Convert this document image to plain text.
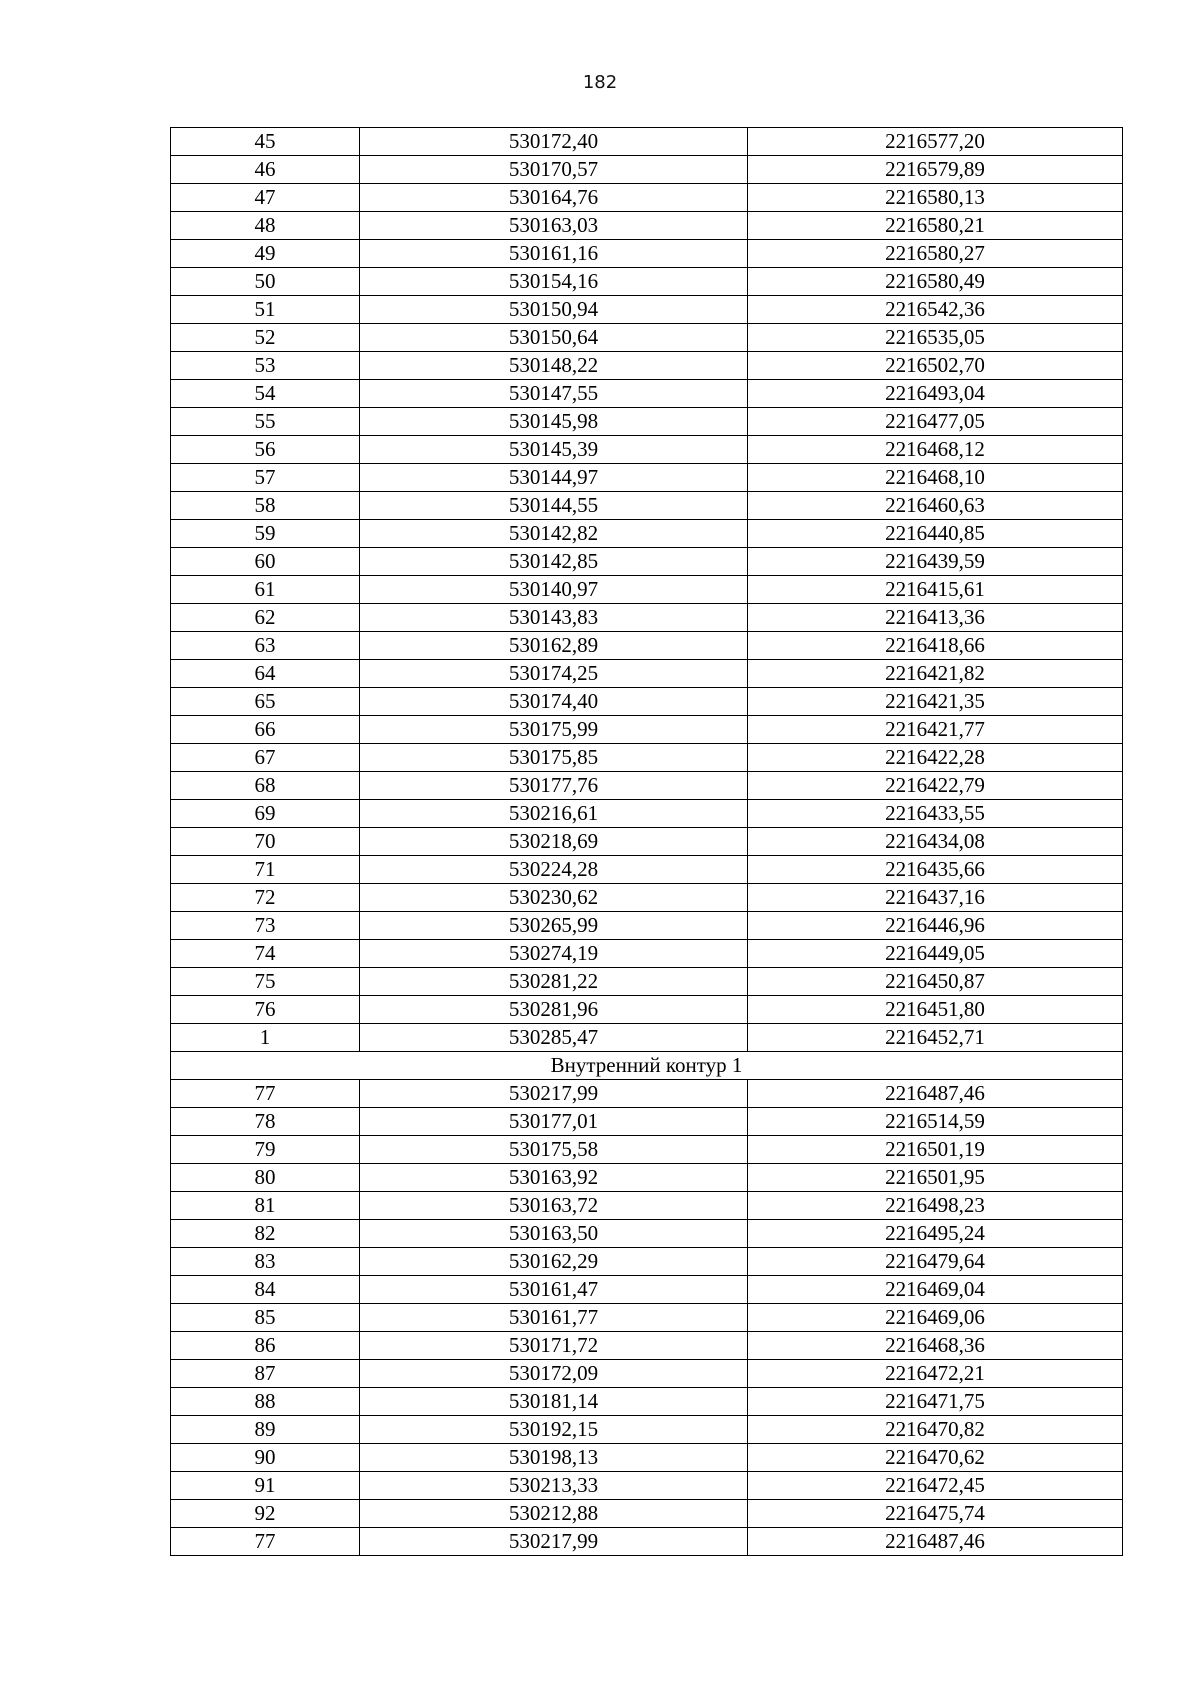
182
45	530172,40	2216577,20
46	530170,57	2216579,89
47	530164,76	2216580,13
48	530163,03	2216580,21
49	530161,16	2216580,27
50	530154,16	2216580,49
51	530150,94	2216542,36
52	530150,64	2216535,05
53	530148,22	2216502,70
54	530147,55	2216493,04
55	530145,98	2216477,05
56	530145,39	2216468,12
57	530144,97	2216468,10
58	530144,55	2216460,63
59	530142,82	2216440,85
60	530142,85	2216439,59
61	530140,97	2216415,61
62	530143,83	2216413,36
63	530162,89	2216418,66
64	530174,25	2216421,82
65	530174,40	2216421,35
66	530175,99	2216421,77
67	530175,85	2216422,28
68	530177,76	2216422,79
69	530216,61	2216433,55
70	530218,69	2216434,08
71	530224,28	2216435,66
72	530230,62	2216437,16
73	530265,99	2216446,96
74	530274,19	2216449,05
75	530281,22	2216450,87
76	530281,96	2216451,80
1	530285,47	2216452,71
Внутренний контур 1		
77	530217,99	2216487,46
78	530177,01	2216514,59
79	530175,58	2216501,19
80	530163,92	2216501,95
81	530163,72	2216498,23
82	530163,50	2216495,24
83	530162,29	2216479,64
84	530161,47	2216469,04
85	530161,77	2216469,06
86	530171,72	2216468,36
87	530172,09	2216472,21
88	530181,14	2216471,75
89	530192,15	2216470,82
90	530198,13	2216470,62
91	530213,33	2216472,45
92	530212,88	2216475,74
77	530217,99	2216487,46
